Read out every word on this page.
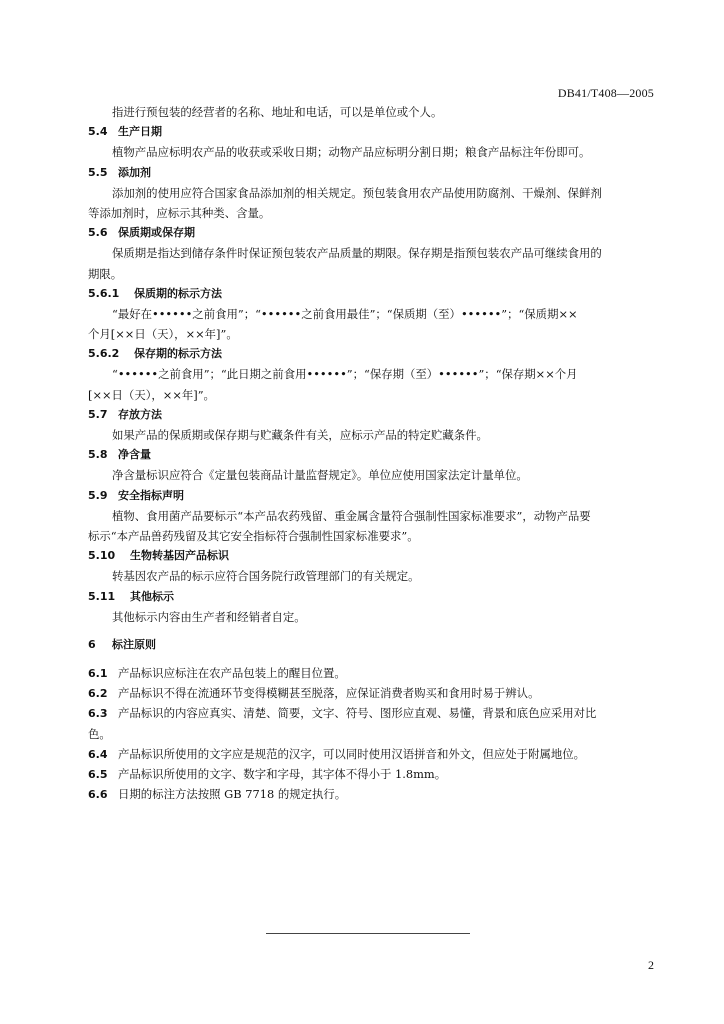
DB41/T408—2005
指进行预包装的经营者的名称、地址和电话，可以是单位或个人。
5.4 生产日期
植物产品应标明农产品的收获或采收日期；动物产品应标明分割日期；粮食产品标注年份即可。
5.5 添加剂
添加剂的使用应符合国家食品添加剂的相关规定。预包装食用农产品使用防腐剂、干燥剂、保鲜剂
等添加剂时，应标示其种类、含量。
5.6 保质期或保存期
保质期是指达到储存条件时保证预包装农产品质量的期限。保存期是指预包装农产品可继续食用的
期限。
5.6.1 保质期的标示方法
“最好在••••••之前食用”；“••••••之前食用最佳”；“保质期（至）••••••”；“保质期××
个月[××日（天），××年]”。
5.6.2 保存期的标示方法
“••••••之前食用”；“此日期之前食用••••••”；“保存期（至）••••••”；“保存期××个月
[××日（天），××年]”。
5.7 存放方法
如果产品的保质期或保存期与贮藏条件有关，应标示产品的特定贮藏条件。
5.8 净含量
净含量标识应符合《定量包装商品计量监督规定》。单位应使用国家法定计量单位。
5.9 安全指标声明
植物、食用菌产品要标示“本产品农药残留、重金属含量符合强制性国家标准要求”，动物产品要
标示“本产品兽药残留及其它安全指标符合强制性国家标准要求”。
5.10 生物转基因产品标识
转基因农产品的标示应符合国务院行政管理部门的有关规定。
5.11 其他标示
其他标示内容由生产者和经销者自定。
6 标注原则
6.1 产品标识应标注在农产品包装上的醒目位置。
6.2 产品标识不得在流通环节变得模糊甚至脱落，应保证消费者购买和食用时易于辨认。
6.3 产品标识的内容应真实、清楚、简要，文字、符号、图形应直观、易懂，背景和底色应采用对比
色。
6.4 产品标识所使用的文字应是规范的汉字，可以同时使用汉语拼音和外文，但应处于附属地位。
6.5 产品标识所使用的文字、数字和字母，其字体不得小于 1.8mm。
6.6 日期的标注方法按照 GB 7718 的规定执行。
2
